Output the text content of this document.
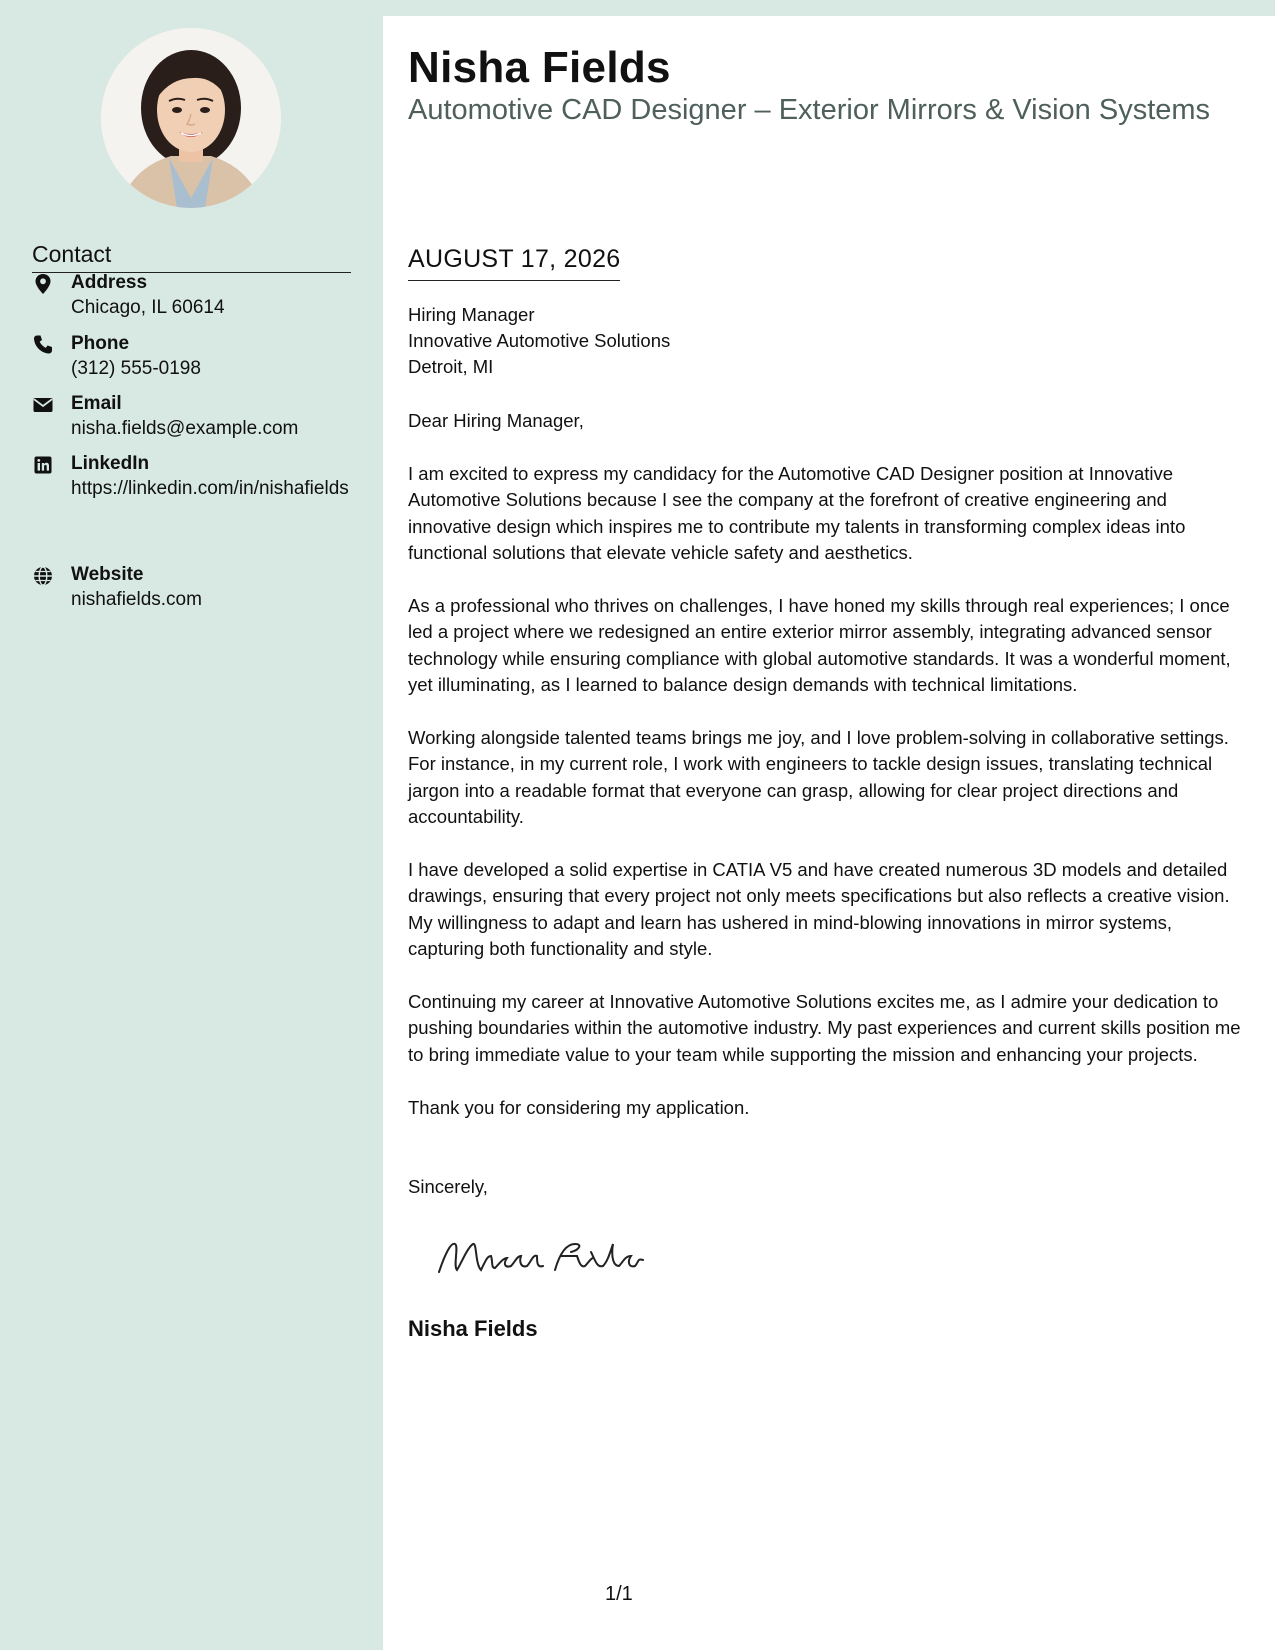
Contact
Address
Chicago, IL 60614
Phone
(312) 555-0198
Email
nisha.fields@example.com
LinkedIn
https://linkedin.com/in/nishafields
Website
nishafields.com
Nisha Fields
Automotive CAD Designer – Exterior Mirrors & Vision Systems
AUGUST 17, 2026
Hiring Manager
Innovative Automotive Solutions
Detroit, MI
Dear Hiring Manager,
I am excited to express my candidacy for the Automotive CAD Designer position at Innovative Automotive Solutions because I see the company at the forefront of creative engineering and innovative design which inspires me to contribute my talents in transforming complex ideas into functional solutions that elevate vehicle safety and aesthetics.
As a professional who thrives on challenges, I have honed my skills through real experiences; I once led a project where we redesigned an entire exterior mirror assembly, integrating advanced sensor technology while ensuring compliance with global automotive standards. It was a wonderful moment, yet illuminating, as I learned to balance design demands with technical limitations.
Working alongside talented teams brings me joy, and I love problem-solving in collaborative settings. For instance, in my current role, I work with engineers to tackle design issues, translating technical jargon into a readable format that everyone can grasp, allowing for clear project directions and accountability.
I have developed a solid expertise in CATIA V5 and have created numerous 3D models and detailed drawings, ensuring that every project not only meets specifications but also reflects a creative vision. My willingness to adapt and learn has ushered in mind-blowing innovations in mirror systems, capturing both functionality and style.
Continuing my career at Innovative Automotive Solutions excites me, as I admire your dedication to pushing boundaries within the automotive industry. My past experiences and current skills position me to bring immediate value to your team while supporting the mission and enhancing your projects.
Thank you for considering my application.
Sincerely,
Nisha Fields
1/1
